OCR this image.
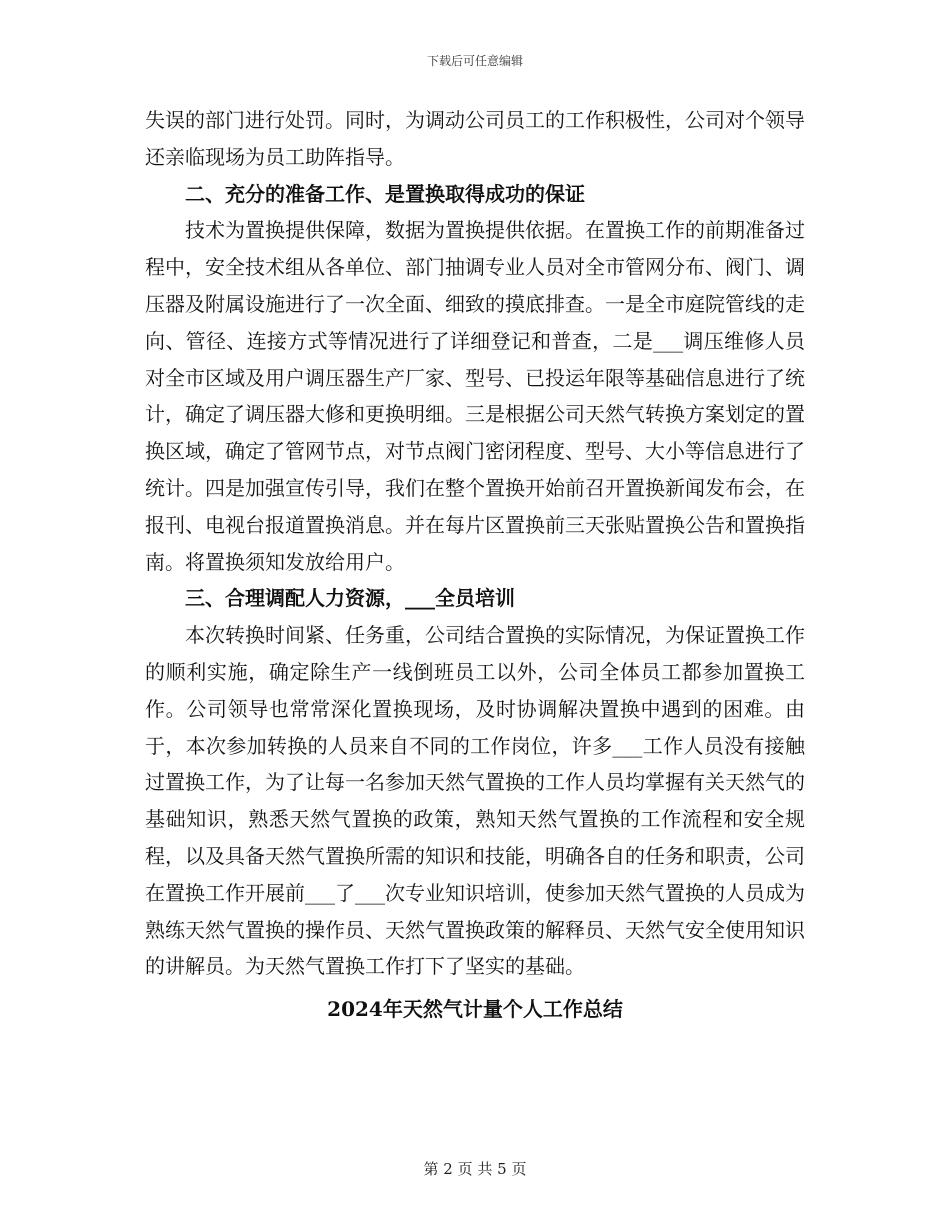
下载后可任意编辑

失误的部门进行处罚。同时，为调动公司员工的工作积极性，公司对个领导还亲临现场为员工助阵指导。

二、充分的准备工作、是置换取得成功的保证

技术为置换提供保障，数据为置换提供依据。在置换工作的前期准备过程中，安全技术组从各单位、部门抽调专业人员对全市管网分布、阀门、调压器及附属设施进行了一次全面、细致的摸底排查。一是全市庭院管线的走向、管径、连接方式等情况进行了详细登记和普查，二是___调压维修人员对全市区域及用户调压器生产厂家、型号、已投运年限等基础信息进行了统计，确定了调压器大修和更换明细。三是根据公司天然气转换方案划定的置换区域，确定了管网节点，对节点阀门密闭程度、型号、大小等信息进行了统计。四是加强宣传引导，我们在整个置换开始前召开置换新闻发布会，在报刊、电视台报道置换消息。并在每片区置换前三天张贴置换公告和置换指南。将置换须知发放给用户。

三、合理调配人力资源，___全员培训

本次转换时间紧、任务重，公司结合置换的实际情况，为保证置换工作的顺利实施，确定除生产一线倒班员工以外，公司全体员工都参加置换工作。公司领导也常常深化置换现场，及时协调解决置换中遇到的困难。由于，本次参加转换的人员来自不同的工作岗位，许多___工作人员没有接触过置换工作，为了让每一名参加天然气置换的工作人员均掌握有关天然气的基础知识，熟悉天然气置换的政策，熟知天然气置换的工作流程和安全规程，以及具备天然气置换所需的知识和技能，明确各自的任务和职责，公司在置换工作开展前___了___次专业知识培训，使参加天然气置换的人员成为熟练天然气置换的操作员、天然气置换政策的解释员、天然气安全使用知识的讲解员。为天然气置换工作打下了坚实的基础。

2024年天然气计量个人工作总结

第 2 页 共 5 页
